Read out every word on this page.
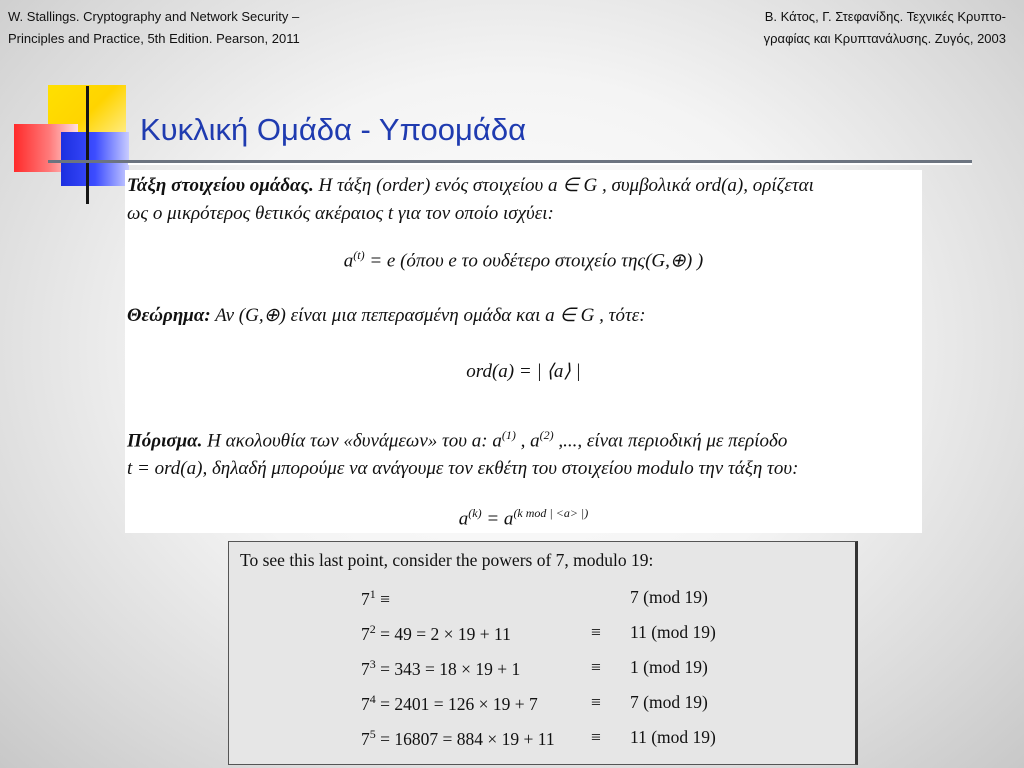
W. Stallings. Cryptography and Network Security –
Principles and Practice, 5th Edition. Pearson, 2011
Β. Κάτος, Γ. Στεφανίδης. Τεχνικές Κρυπτο-
γραφίας και Κρυπτανάλυσης. Ζυγός, 2003
Κυκλική Ομάδα - Υποομάδα
Τάξη στοιχείου ομάδας. Η τάξη (order) ενός στοιχείου a ∈ G , συμβολικά ord(a), ορίζεται
ως ο μικρότερος θετικός ακέραιος t για τον οποίο ισχύει:
$a^{(t)} = e$ (όπου e το ουδέτερο στοιχείο της(G,⊕) )
Θεώρημα: Αν (G,⊕) είναι μια πεπερασμένη ομάδα και a ∈ G , τότε:
ord(a) = | ⟨a⟩ |
Πόρισμα. Η ακολουθία των «δυνάμεων» του a: $a^{(1)}$ , $a^{(2)}$ ,..., είναι περιοδική με περίοδο
t = ord(a), δηλαδή μπορούμε να ανάγουμε τον εκθέτη του στοιχείου modulo την τάξη του:
$a^{(k)} = a^{(k mod | <a> |)}$
To see this last point, consider the powers of 7, modulo 19:
$7^1$ ≡	7 (mod 19)
$7^2 = 49 = 2 \times 19 + 11$	≡ 11 (mod 19)
$7^3 = 343 = 18 \times 19 + 1$	≡ 1 (mod 19)
$7^4 = 2401 = 126 \times 19 + 7$	≡ 7 (mod 19)
$7^5 = 16807 = 884 \times 19 + 11 \equiv 11$ (mod 19)
